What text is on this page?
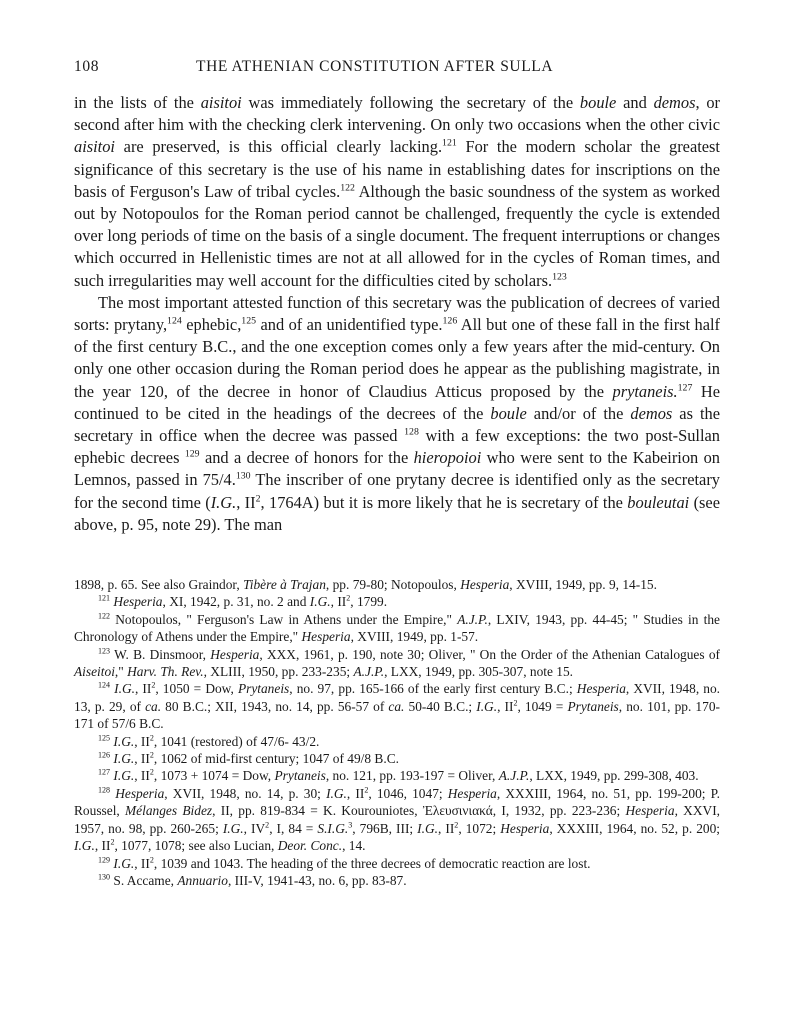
108	THE ATHENIAN CONSTITUTION AFTER SULLA

in the lists of the aisitoi was immediately following the secretary of the boule and demos, or second after him with the checking clerk intervening. On only two occasions when the other civic aisitoi are preserved, is this official clearly lacking.$^{121}$ For the modern scholar the greatest significance of this secretary is the use of his name in establishing dates for inscriptions on the basis of Ferguson's Law of tribal cycles.$^{122}$ Although the basic soundness of the system as worked out by Notopoulos for the Roman period cannot be challenged, frequently the cycle is extended over long periods of time on the basis of a single document. The frequent interruptions or changes which occurred in Hellenistic times are not at all allowed for in the cycles of Roman times, and such irregularities may well account for the difficulties cited by scholars.$^{123}$

The most important attested function of this secretary was the publication of decrees of varied sorts: prytany,$^{124}$ ephebic,$^{125}$ and of an unidentified type.$^{126}$ All but one of these fall in the first half of the first century B.C., and the one exception comes only a few years after the mid-century. On only one other occasion during the Roman period does he appear as the publishing magistrate, in the year 120, of the decree in honor of Claudius Atticus proposed by the prytaneis.$^{127}$ He continued to be cited in the headings of the decrees of the boule and/or of the demos as the secretary in office when the decree was passed $^{128}$ with a few exceptions: the two post-Sullan ephebic decrees $^{129}$ and a decree of honors for the hieropoioi who were sent to the Kabeirion on Lemnos, passed in 75/4.$^{130}$ The inscriber of one prytany decree is identified only as the secretary for the second time (I.G., $II^2$, 1764A) but it is more likely that he is secretary of the bouleutai (see above, p. 95, note 29). The man

1898, p. 65. See also Graindor, Tibère à Trajan, pp. 79-80; Notopoulos, Hesperia, XVIII, 1949, pp. 9, 14-15.

$^{121}$ Hesperia, XI, 1942, p. 31, no. 2 and I.G., $II^2$, 1799.

$^{122}$ Notopoulos, " Ferguson's Law in Athens under the Empire," A.J.P., LXIV, 1943, pp. 44-45; " Studies in the Chronology of Athens under the Empire," Hesperia, XVIII, 1949, pp. 1-57.

$^{123}$ W. B. Dinsmoor, Hesperia, XXX, 1961, p. 190, note 30; Oliver, " On the Order of the Athenian Catalogues of Aiseitoi," Harv. Th. Rev., XLIII, 1950, pp. 233-235; A.J.P., LXX, 1949, pp. 305-307, note 15.

$^{124}$ I.G., $II^2$, 1050 = Dow, Prytaneis, no. 97, pp. 165-166 of the early first century B.C.; Hesperia, XVII, 1948, no. 13, p. 29, of ca. 80 B.C.; XII, 1943, no. 14, pp. 56-57 of ca. 50-40 B.C.; I.G., $II^2$, 1049 = Prytaneis, no. 101, pp. 170-171 of 57/6 B.C.

$^{125}$ I.G., $II^2$, 1041 (restored) of 47/6- 43/2.

$^{126}$ I.G., $II^2$, 1062 of mid-first century; 1047 of 49/8 B.C.

$^{127}$ I.G., $II^2$, 1073 + 1074 = Dow, Prytaneis, no. 121, pp. 193-197 = Oliver, A.J.P., LXX, 1949, pp. 299-308, 403.

$^{128}$ Hesperia, XVII, 1948, no. 14, p. 30; I.G., $II^2$, 1046, 1047; Hesperia, XXXIII, 1964, no. 51, pp. 199-200; P. Roussel, Mélanges Bidez, II, pp. 819-834 = K. Kourouniotes, Ἐλευσινιακά, I, 1932, pp. 223-236; Hesperia, XXVI, 1957, no. 98, pp. 260-265; I.G., $IV^2$, I, 84 = S.I.G.$^3$, 796B, III; I.G., $II^2$, 1072; Hesperia, XXXIII, 1964, no. 52, p. 200; I.G., $II^2$, 1077, 1078; see also Lucian, Deor. Conc., 14.

$^{129}$ I.G., $II^2$, 1039 and 1043. The heading of the three decrees of democratic reaction are lost.

$^{130}$ S. Accame, Annuario, III-V, 1941-43, no. 6, pp. 83-87.
